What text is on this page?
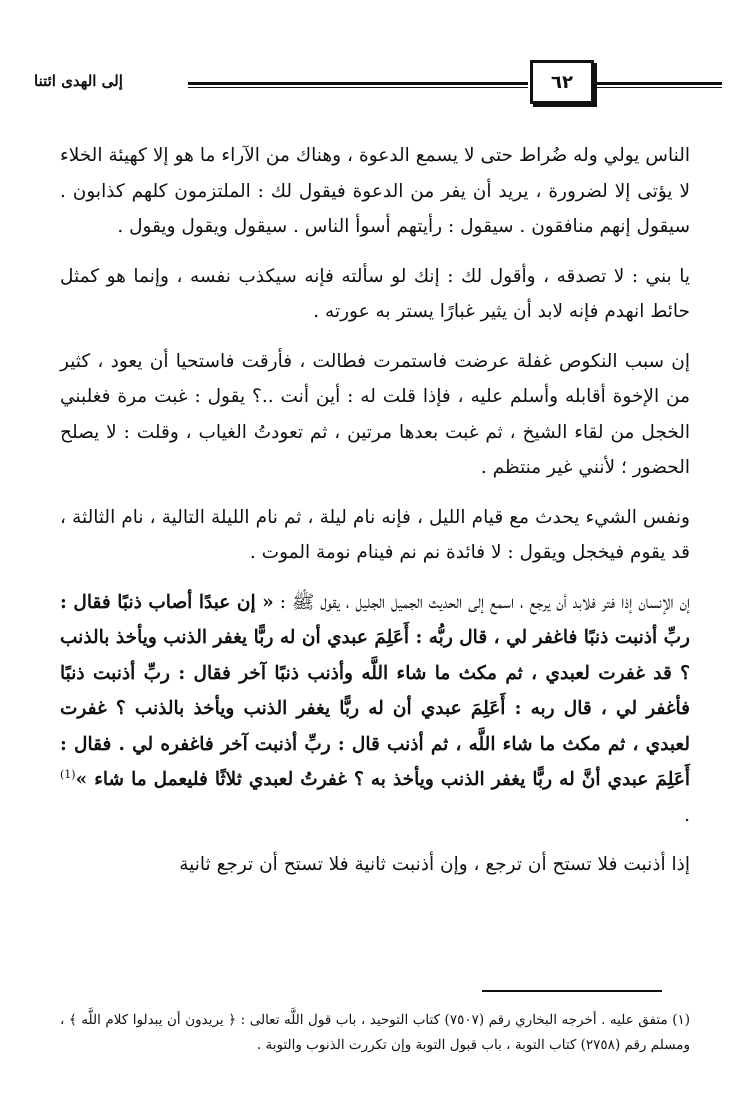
٦٢
إلى الهدى ائتنا

الناس يولي وله ضُراط حتى لا يسمع الدعوة ، وهناك من الآراء ما هو إلا كهيئة الخلاء لا يؤتى إلا لضرورة ، يريد أن يفر من الدعوة فيقول لك : الملتزمون كلهم كذابون . سيقول إنهم منافقون . سيقول : رأيتهم أسوأ الناس . سيقول ويقول ويقول .

يا بني : لا تصدقه ، وأقول لك : إنك لو سألته فإنه سيكذب نفسه ، وإنما هو كمثل حائط انهدم فإنه لابد أن يثير غبارًا يستر به عورته .

إن سبب النكوص غفلة عرضت فاستمرت فطالت ، فأرقت فاستحيا أن يعود ، كثير من الإخوة أقابله وأسلم عليه ، فإذا قلت له : أين أنت ..؟ يقول : غبت مرة فغلبني الخجل من لقاء الشيخ ، ثم غبت بعدها مرتين ، ثم تعودتُ الغياب ، وقلت : لا يصلح الحضور ؛ لأنني غير منتظم .

ونفس الشيء يحدث مع قيام الليل ، فإنه نام ليلة ، ثم نام الليلة التالية ، نام الثالثة ، قد يقوم فيخجل ويقول : لا فائدة نم نم فينام نومة الموت .

إن الإنسان إذا فتر فلابد أن يرجع ، اسمع إلى الحديث الجميل الجليل ، يقول ﷺ : « إن عبدًا أصاب ذنبًا فقال : ربِّ أذنبت ذنبًا فاغفر لي ، قال ربُّه : أَعَلِمَ عبدي أن له ربًّا يغفر الذنب ويأخذ بالذنب ؟ قد غفرت لعبدي ، ثم مكث ما شاء اللَّه وأذنب ذنبًا آخر فقال : ربِّ أذنبت ذنبًا فأغفر لي ، قال ربه : أَعَلِمَ عبدي أن له ربًّا يغفر الذنب ويأخذ بالذنب ؟ غفرت لعبدي ، ثم مكث ما شاء اللَّه ، ثم أذنب قال : ربِّ أذنبت آخر فاغفره لي . فقال : أَعَلِمَ عبدي أنَّ له ربًّا يغفر الذنب ويأخذ به ؟ غفرتُ لعبدي ثلاثًا فليعمل ما شاء »$^{(1)}$ .

إذا أذنبت فلا تستح أن ترجع ، وإن أذنبت ثانية فلا تستح أن ترجع ثانية

(١) متفق عليه . أخرجه البخاري رقم (٧٥٠٧) كتاب التوحيد ، باب قول اللَّه تعالى : ﴿ يريدون أن يبدلوا كلام اللَّه ﴾ ، ومسلم رقم (٢٧٥٨) كتاب التوبة ، باب قبول التوبة وإن تكررت الذنوب والتوبة .
